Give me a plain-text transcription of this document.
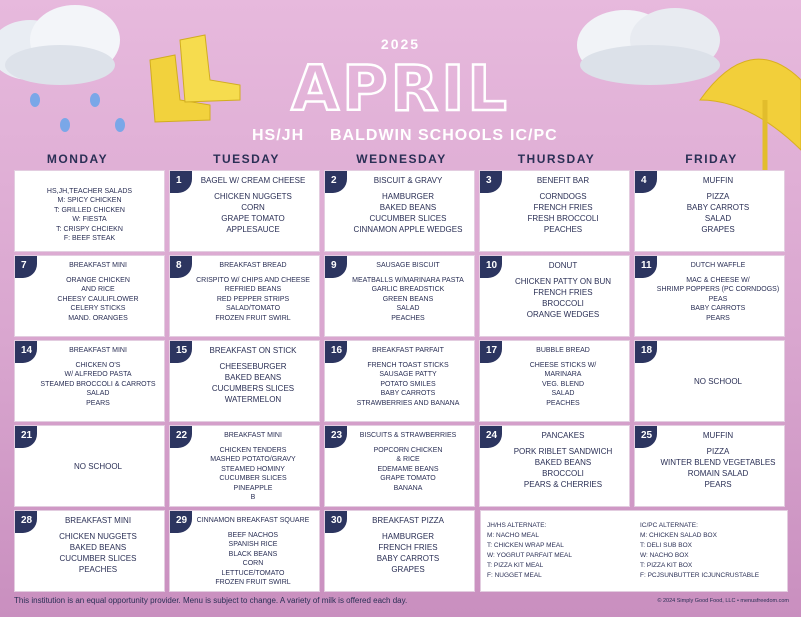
2025
APRIL
HS/JH BALDWIN SCHOOLS IC/PC
MONDAY	TUESDAY	WEDNESDAY	THURSDAY	FRIDAY
HS,JH,TEACHER SALADS
M: SPICY CHICKEN
T: GRILLED CHICKEN
W: FIESTA
T: CRISPY CHCIEKN
F: BEEF STEAK
1	BAGEL W/ CREAM CHEESE
CHICKEN NUGGETS
CORN
GRAPE TOMATO
APPLESAUCE
2	BISCUIT & GRAVY
HAMBURGER
BAKED BEANS
CUCUMBER SLICES
CINNAMON APPLE WEDGES
3	BENEFIT BAR
CORNDOGS
FRENCH FRIES
FRESH BROCCOLI
PEACHES
4	MUFFIN
PIZZA
BABY CARROTS
SALAD
GRAPES
7	BREAKFAST MINI
ORANGE CHICKEN
AND RICE
CHEESY CAULIFLOWER
CELERY STICKS
MAND. ORANGES
8	BREAKFAST BREAD
CRISPITO W/ CHIPS AND CHEESE
REFRIED BEANS
RED PEPPER STRIPS
SALAD/TOMATO
FROZEN FRUIT SWIRL
9	SAUSAGE BISCUIT
MEATBALLS W/MARINARA PASTA
GARLIC BREADSTICK
GREEN BEANS
SALAD
PEACHES
10	DONUT
CHICKEN PATTY ON BUN
FRENCH FRIES
BROCCOLI
ORANGE WEDGES
11	DUTCH WAFFLE
MAC & CHEESE W/
SHRIMP POPPERS (PC CORNDOGS)
PEAS
BABY CARROTS
PEARS
14	BREAKFAST MINI
CHICKEN O'S
W/ ALFREDO PASTA
STEAMED BROCCOLI & CARROTS
SALAD
PEARS
15	BREAKFAST ON STICK
CHEESEBURGER
BAKED BEANS
CUCUMBERS SLICES
WATERMELON
16	BREAKFAST PARFAIT
FRENCH TOAST STICKS
SAUSAGE PATTY
POTATO SMILES
BABY CARROTS
STRAWBERRIES AND BANANA
17	BUBBLE BREAD
CHEESE STICKS W/
MARINARA
VEG. BLEND
SALAD
PEACHES
18
NO SCHOOL
21
NO SCHOOL
22	BREAKFAST MINI
CHICKEN TENDERS
MASHED POTATO/GRAVY
STEAMED HOMINY
CUCUMBER SLICES
PINEAPPLE
B
23	BISCUITS & STRAWBERRIES
POPCORN CHICKEN
& RICE
EDEMAME BEANS
GRAPE TOMATO
BANANA
24	PANCAKES
PORK RIBLET SANDWICH
BAKED BEANS
BROCCOLI
PEARS & CHERRIES
25	MUFFIN
PIZZA
WINTER BLEND VEGETABLES
ROMAIN SALAD
PEARS
28	BREAKFAST MINI
CHICKEN NUGGETS
BAKED BEANS
CUCUMBER SLICES
PEACHES
29	CINNAMON BREAKFAST SQUARE
BEEF NACHOS
SPANISH RICE
BLACK BEANS
CORN
LETTUCE/TOMATO
FROZEN FRUIT SWIRL
30	BREAKFAST PIZZA
HAMBURGER
FRENCH FRIES
BABY CARROTS
GRAPES
JH/HS ALTERNATE:
M: NACHO MEAL
T: CHICKEN WRAP MEAL
W: YOGRUT PARFAIT MEAL
T: PIZZA KIT MEAL
F: NUGGET MEAL
IC/PC ALTERNATE:
M: CHICKEN SALAD BOX
T: DELI SUB BOX
W: NACHO BOX
T: PIZZA KIT BOX
F: PCJSUNBUTTER ICJUNCRUSTABLE
This institution is an equal opportunity provider. Menu is subject to change. A variety of milk is offered each day.	© 2024 Simply Good Food, LLC • menusfreedom.com
